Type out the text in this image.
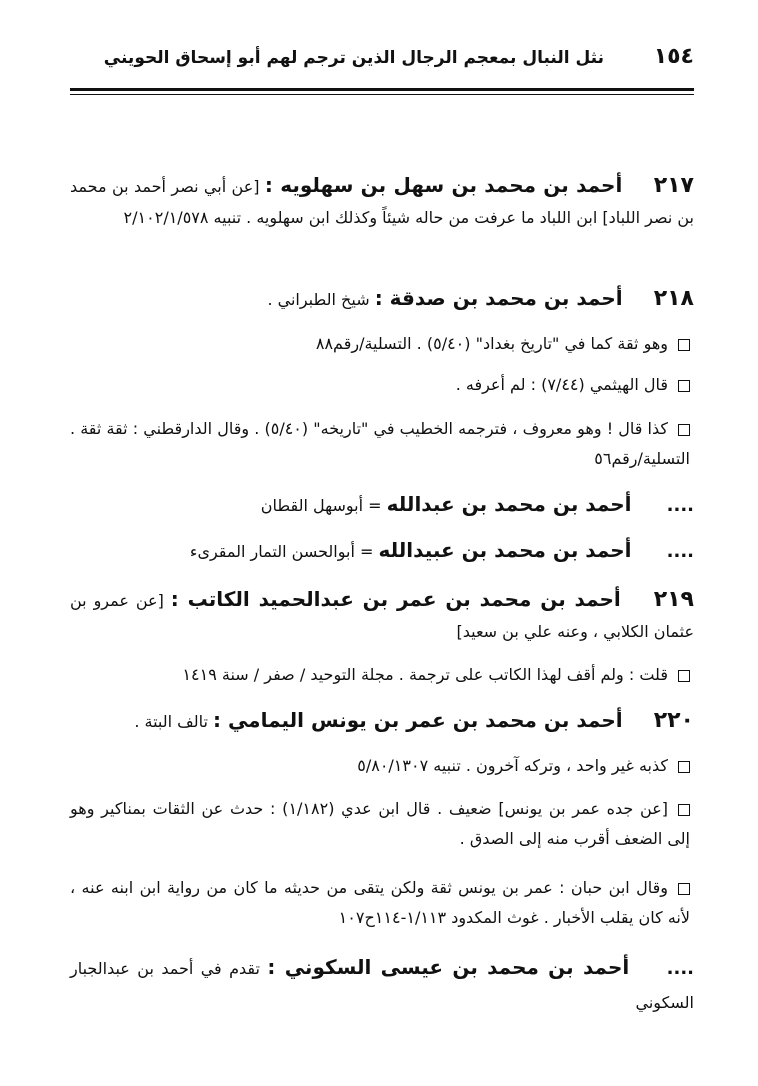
١٥٤
نثل النبال بمعجم الرجال الذين ترجم لهم أبو إسحاق الحويني
٢١٧ أحمد بن محمد بن سهل بن سهلويه : [عن أبي نصر أحمد بن محمد بن نصر اللباد] ابن اللباد ما عرفت من حاله شيئاً وكذلك ابن سهلويه . تنبيه ٢/١٠٢/١/٥٧٨
٢١٨ أحمد بن محمد بن صدقة : شيخ الطبراني .
وهو ثقة كما في "تاريخ بغداد" (٥/٤٠) . التسلية/رقم٨٨
قال الهيثمي (٧/٤٤) : لم أعرفه .
كذا قال ! وهو معروف ، فترجمه الخطيب في "تاريخه" (٥/٤٠) . وقال الدارقطني : ثقة ثقة . التسلية/رقم٥٦
.... أحمد بن محمد بن عبدالله = أبوسهل القطان
.... أحمد بن محمد بن عبيدالله = أبوالحسن التمار المقرىء
٢١٩ أحمد بن محمد بن عمر بن عبدالحميد الكاتب : [عن عمرو بن عثمان الكلابي ، وعنه علي بن سعيد]
قلت : ولم أقف لهذا الكاتب على ترجمة . مجلة التوحيد / صفر / سنة ١٤١٩
٢٢٠ أحمد بن محمد بن عمر بن يونس اليمامي : تالف البتة .
كذبه غير واحد ، وتركه آخرون . تنبيه ٥/٨٠/١٣٠٧
[عن جده عمر بن يونس] ضعيف . قال ابن عدي (١/١٨٢) : حدث عن الثقات بمناكير وهو إلى الضعف أقرب منه إلى الصدق .
وقال ابن حبان : عمر بن يونس ثقة ولكن يتقى من حديثه ما كان من رواية ابن ابنه عنه ، لأنه كان يقلب الأخبار . غوث المكدود ١/١١٣-١١٤ح١٠٧
.... أحمد بن محمد بن عيسى السكوني : تقدم في أحمد بن عبدالجبار السكوني
